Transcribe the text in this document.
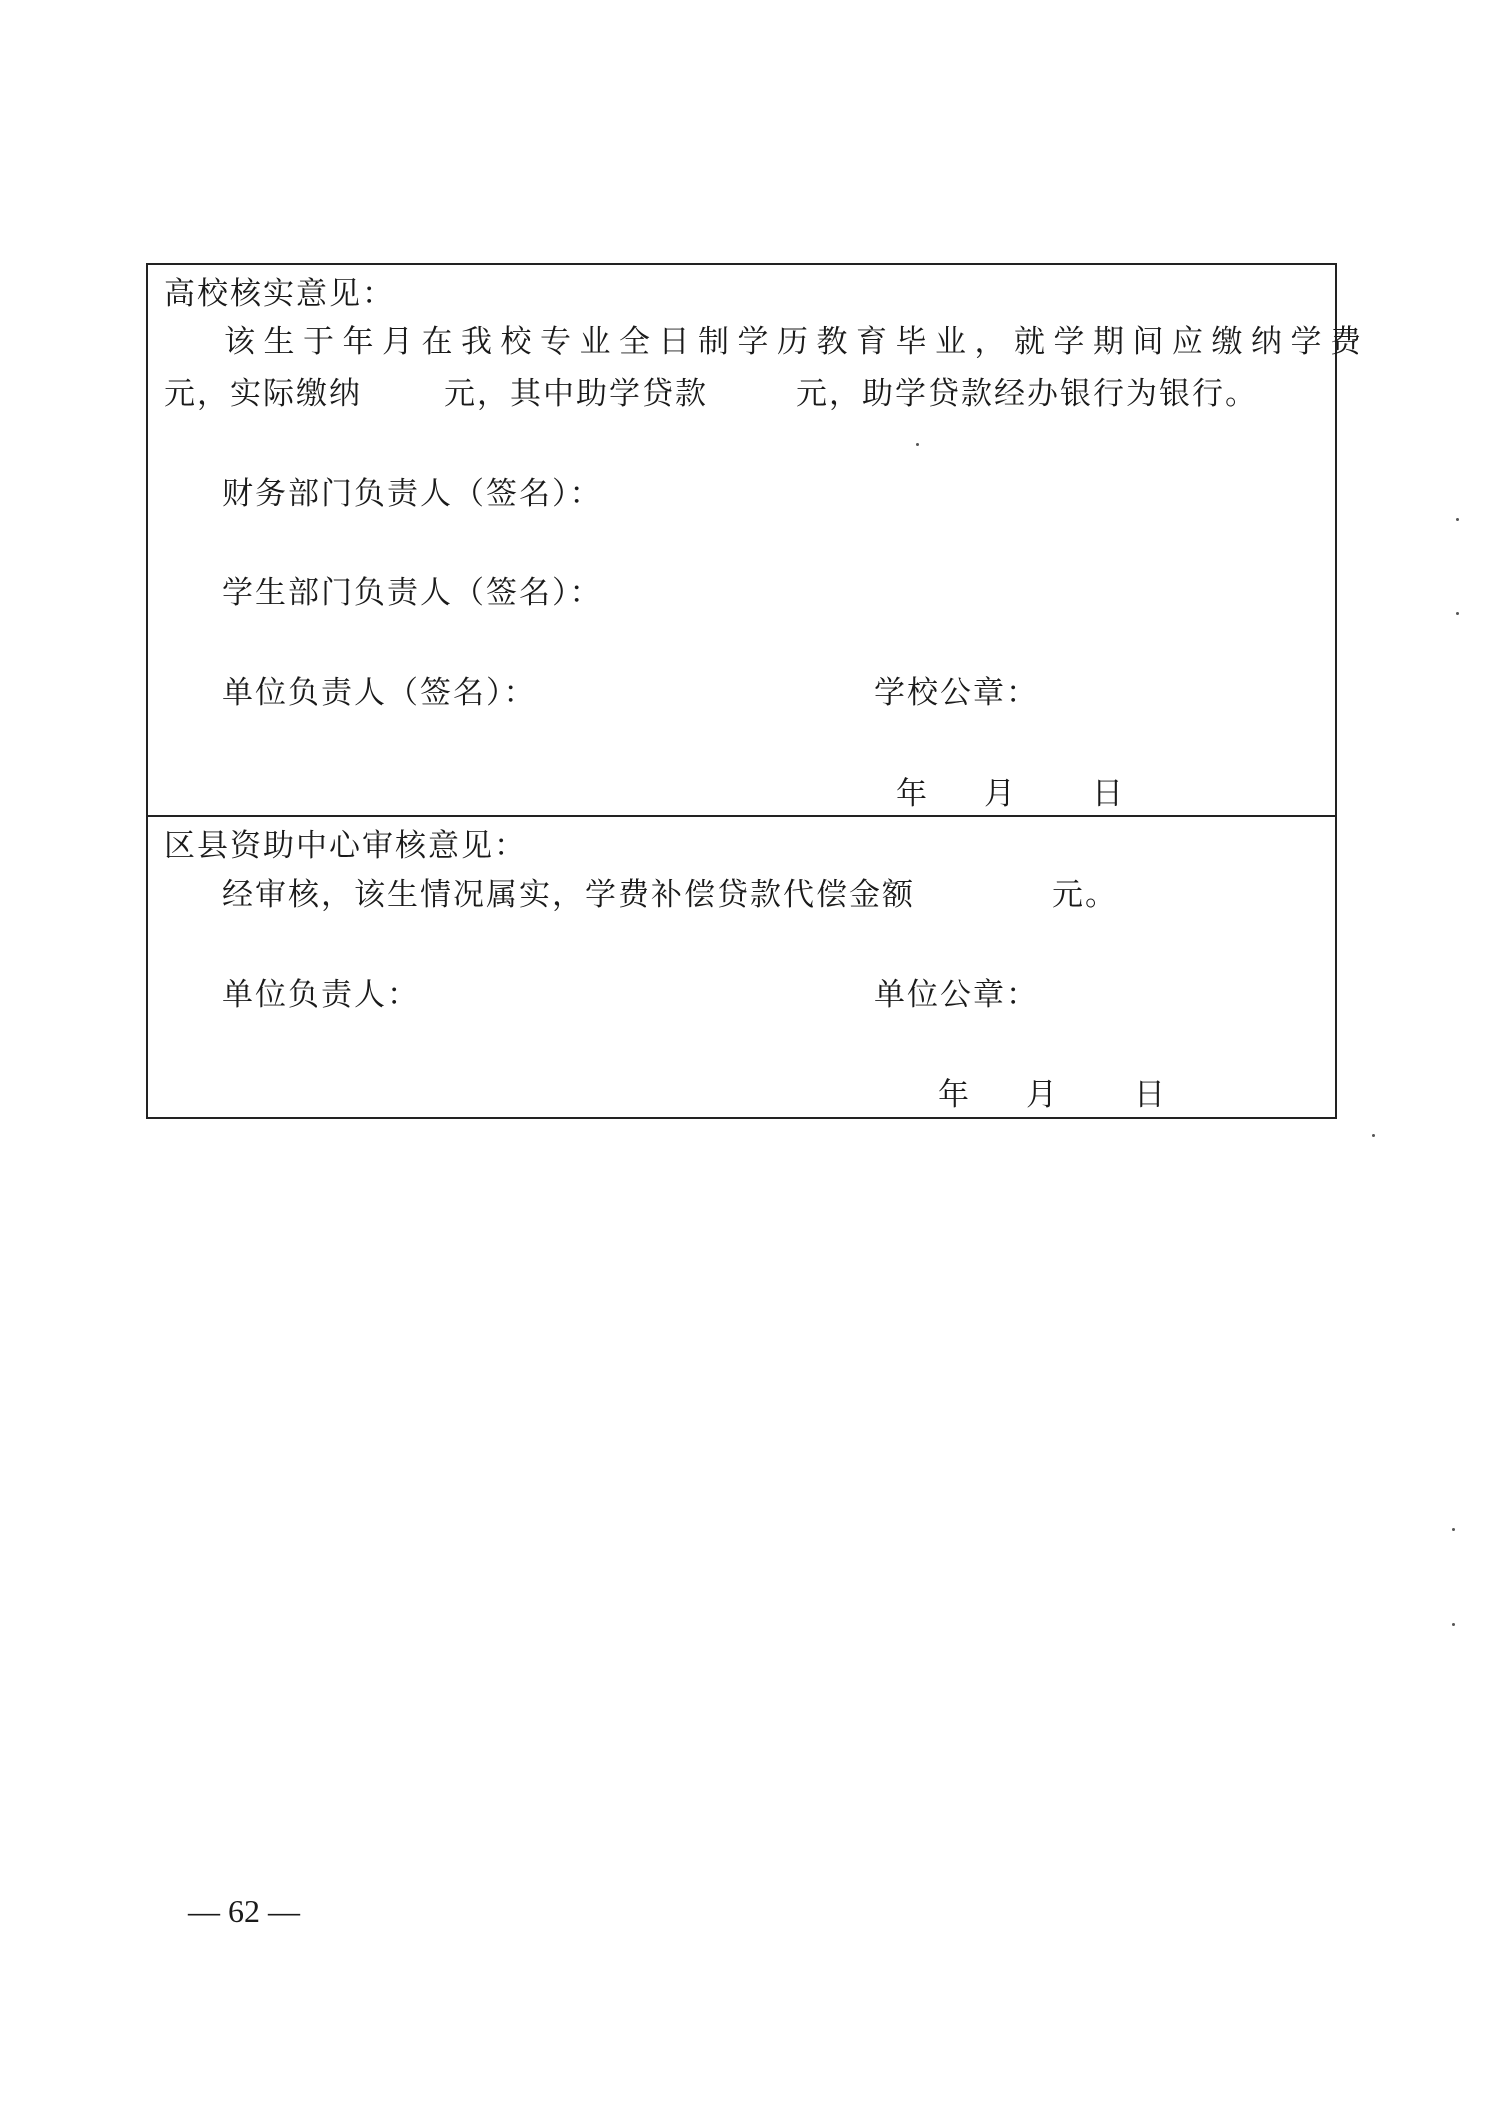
高校核实意见：
该生于年月在我校专业全日制学历教育毕业，就学期间应缴纳学费
元，实际缴纳	元，其中助学贷款	元，助学贷款经办银行为银行。
财务部门负责人（签名）：
学生部门负责人（签名）：
单位负责人（签名）：	学校公章：
年 月 日
区县资助中心审核意见：
经审核，该生情况属实，学费补偿贷款代偿金额	元。
单位负责人：	单位公章：
年 月 日
— 62 —
